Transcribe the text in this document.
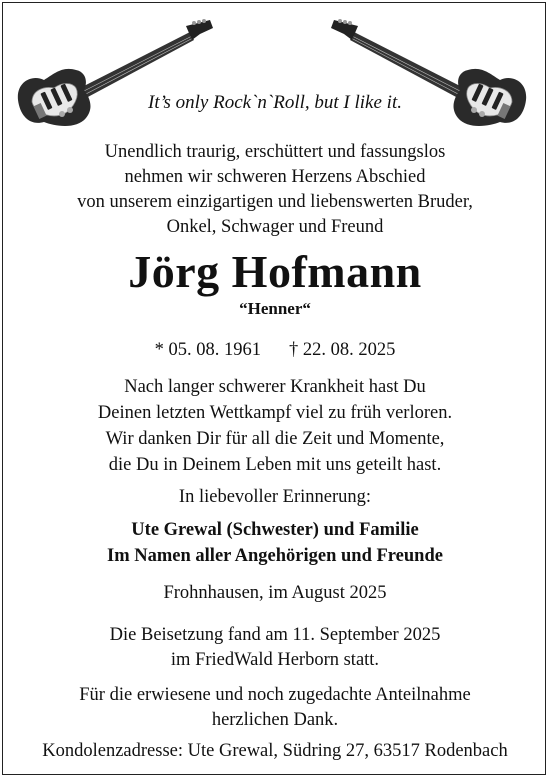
It’s only Rock`n`Roll, but I like it.
Unendlich traurig, erschüttert und fassungslos
nehmen wir schweren Herzens Abschied
von unserem einzigartigen und liebenswerten Bruder,
Onkel, Schwager und Freund
Jörg Hofmann
“Henner“
* 05. 08. 1961 † 22. 08. 2025
Nach langer schwerer Krankheit hast Du
Deinen letzten Wettkampf viel zu früh verloren.
Wir danken Dir für all die Zeit und Momente,
die Du in Deinem Leben mit uns geteilt hast.
In liebevoller Erinnerung:
Ute Grewal (Schwester) und Familie
Im Namen aller Angehörigen und Freunde
Frohnhausen, im August 2025
Die Beisetzung fand am 11. September 2025
im FriedWald Herborn statt.
Für die erwiesene und noch zugedachte Anteilnahme
herzlichen Dank.
Kondolenzadresse: Ute Grewal, Südring 27, 63517 Rodenbach
